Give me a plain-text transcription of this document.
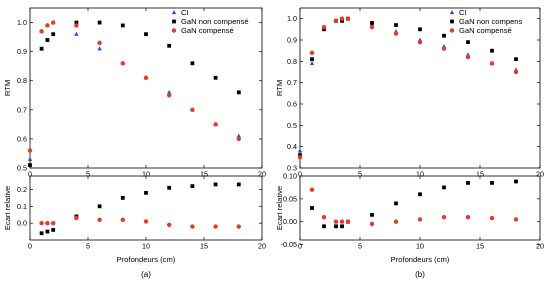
0	5	10	15	20
0.5
0.6
0.7
0.8
0.9
1.0
RTM
0	5	10	15	20
0.0
0.1
0.2
Ecart relative
CI
GaN non compensé
GaN compensé
Profondeurs (cm)
(a)
0	5	10	15	20
0.3
0.4
0.5
0.6
0.7
0.8
0.9
1.0
RTM
0	5	10	15	20
-0.05
0.00
0.05
0.10
Ecart relative
CI
GaN non compens
GaN compensé
Profondeurs (cm)
(b)
